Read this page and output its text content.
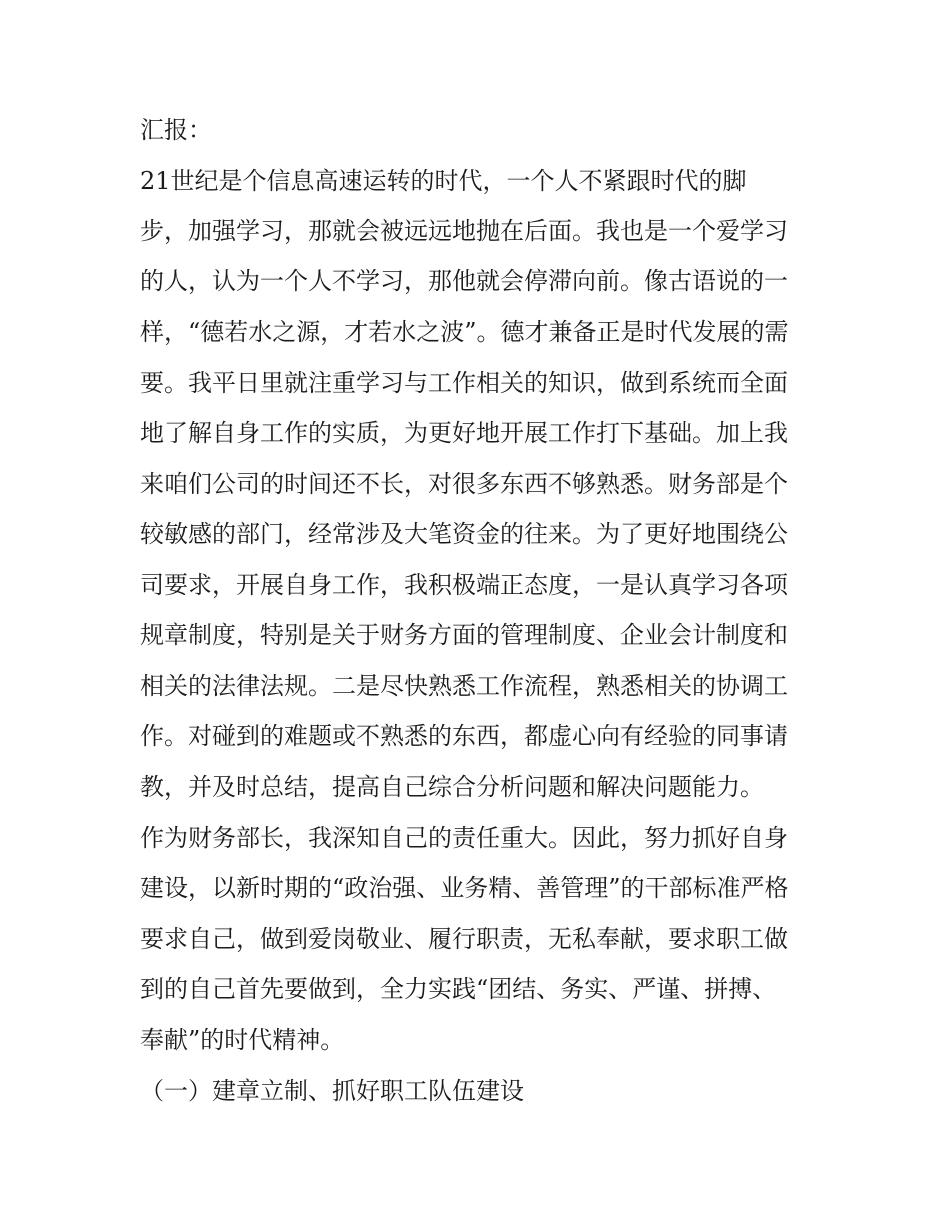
汇报：
21世纪是个信息高速运转的时代，一个人不紧跟时代的脚
步，加强学习，那就会被远远地抛在后面。我也是一个爱学习
的人，认为一个人不学习，那他就会停滞向前。像古语说的一
样，“德若水之源，才若水之波”。德才兼备正是时代发展的需
要。我平日里就注重学习与工作相关的知识，做到系统而全面
地了解自身工作的实质，为更好地开展工作打下基础。加上我
来咱们公司的时间还不长，对很多东西不够熟悉。财务部是个
较敏感的部门，经常涉及大笔资金的往来。为了更好地围绕公
司要求，开展自身工作，我积极端正态度，一是认真学习各项
规章制度，特别是关于财务方面的管理制度、企业会计制度和
相关的法律法规。二是尽快熟悉工作流程，熟悉相关的协调工
作。对碰到的难题或不熟悉的东西，都虚心向有经验的同事请
教，并及时总结，提高自己综合分析问题和解决问题能力。
作为财务部长，我深知自己的责任重大。因此，努力抓好自身
建设，以新时期的“政治强、业务精、善管理”的干部标准严格
要求自己，做到爱岗敬业、履行职责，无私奉献，要求职工做
到的自己首先要做到，全力实践“团结、务实、严谨、拼搏、
奉献”的时代精神。
（一）建章立制、抓好职工队伍建设
